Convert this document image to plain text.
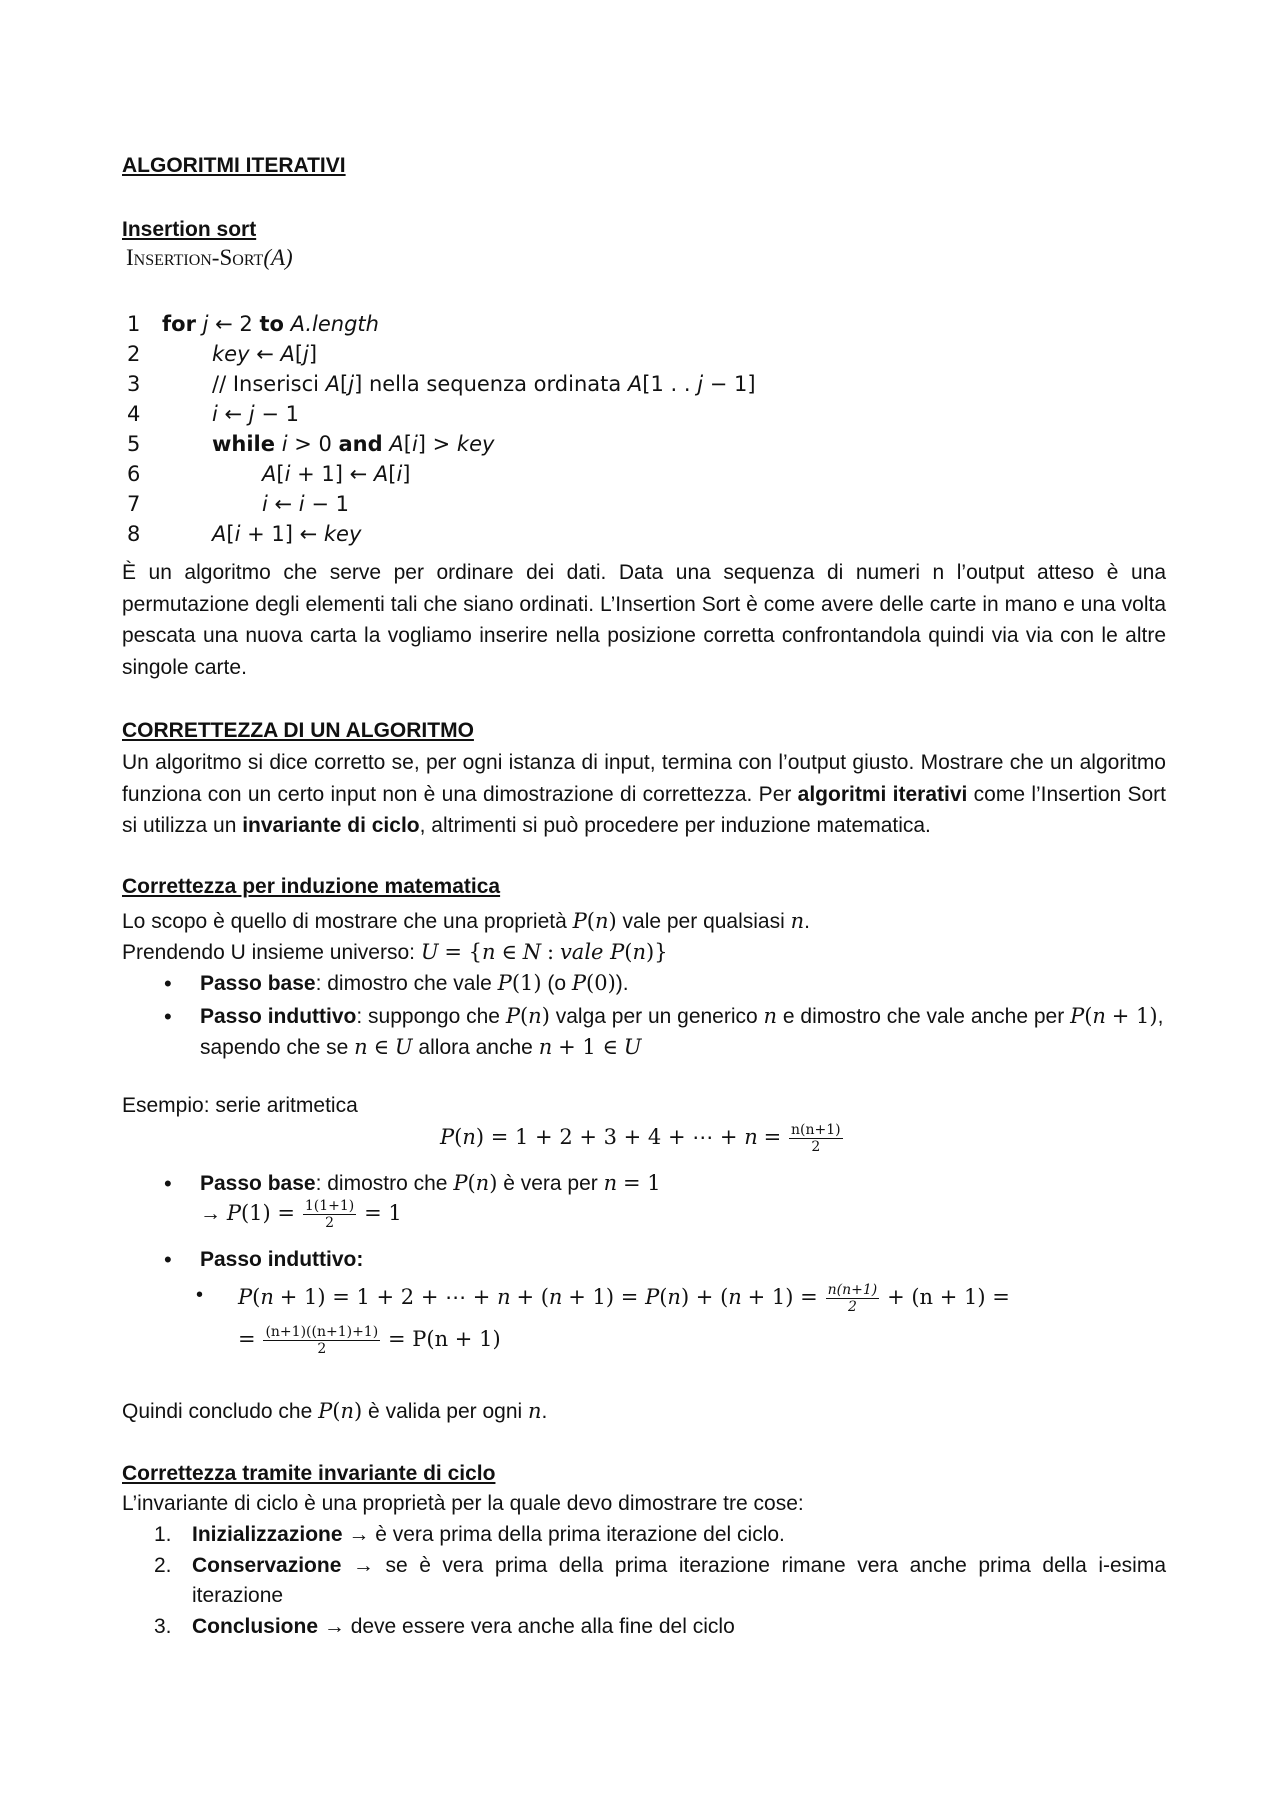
ALGORITMI ITERATIVI
Insertion sort
Insertion-Sort(A)
1	for j ← 2 to A.length
2	key ← A[j]
3	// Inserisci A[j] nella sequenza ordinata A[1 . . j − 1]
4	i ← j − 1
5	while i > 0 and A[i] > key
6	A[i + 1] ← A[i]
7	i ← i − 1
8	A[i + 1] ← key
È un algoritmo che serve per ordinare dei dati. Data una sequenza di numeri n l’output atteso è una permutazione degli elementi tali che siano ordinati. L’Insertion Sort è come avere delle carte in mano e una volta pescata una nuova carta la vogliamo inserire nella posizione corretta confrontandola quindi via via con le altre singole carte.
CORRETTEZZA DI UN ALGORITMO
Un algoritmo si dice corretto se, per ogni istanza di input, termina con l’output giusto. Mostrare che un algoritmo funziona con un certo input non è una dimostrazione di correttezza. Per algoritmi iterativi come l’Insertion Sort si utilizza un invariante di ciclo, altrimenti si può procedere per induzione matematica.
Correttezza per induzione matematica
Lo scopo è quello di mostrare che una proprietà P(n) vale per qualsiasi n.
Prendendo U insieme universo: U = {n ∈ N : vale P(n)}
• Passo base: dimostro che vale P(1) (o P(0)).
• Passo induttivo: suppongo che P(n) valga per un generico n e dimostro che vale anche per P(n + 1),
sapendo che se n ∈ U allora anche n + 1 ∈ U
Esempio: serie aritmetica
P(n) = 1 + 2 + 3 + 4 + ⋯ + $n = \frac{n(n+1)}{2}$
• Passo base: dimostro che P(n) è vera per n = 1
→ $P(1) = \frac{1(1+1)}{2} = 1$
• Passo induttivo:
• P(n + 1) = 1 + 2 + ⋯ + $n + (n + 1) = P(n) + (n + 1) = \frac{n(n+1)}{2} + (n + 1)$ =
= $\frac{(n+1)((n+1)+1)}{2} = P(n + 1)$
Quindi concludo che P(n) è valida per ogni n.
Correttezza tramite invariante di ciclo
L’invariante di ciclo è una proprietà per la quale devo dimostrare tre cose:
1. Inizializzazione → è vera prima della prima iterazione del ciclo.
2. Conservazione → se è vera prima della prima iterazione rimane vera anche prima della i-esima iterazione
3. Conclusione → deve essere vera anche alla fine del ciclo
